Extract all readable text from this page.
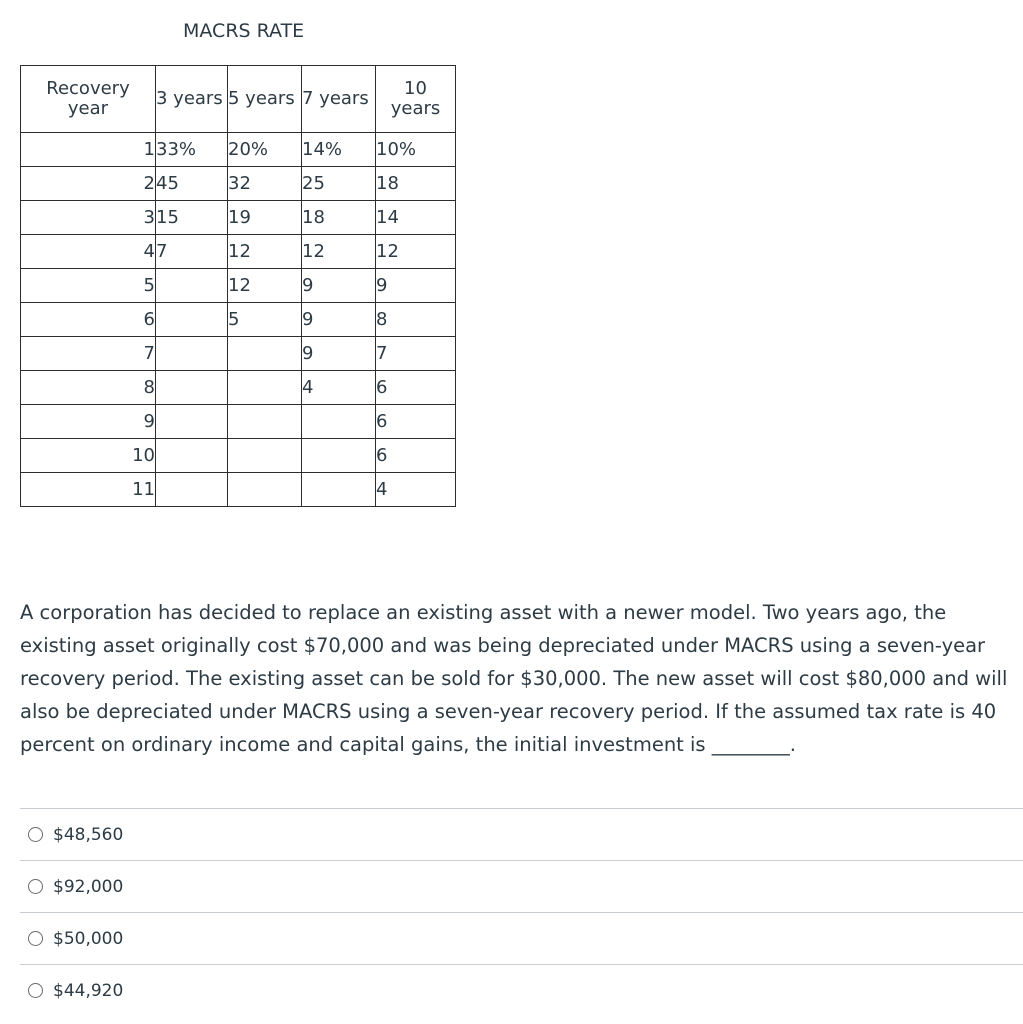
MACRS RATE
Recovery
year	3 years	5 years	7 years	10
years
1	33%	20%	14%	10%
2	45	32	25	18
3	15	19	18	14
4	7	12	12	12
5		12	9	9
6		5	9	8
7			9	7
8			4	6
9				6
10				6
11				4
A corporation has decided to replace an existing asset with a newer model. Two years ago, the existing asset originally cost $70,000 and was being depreciated under MACRS using a seven-year recovery period. The existing asset can be sold for $30,000. The new asset will cost $80,000 and will also be depreciated under MACRS using a seven-year recovery period. If the assumed tax rate is 40 percent on ordinary income and capital gains, the initial investment is ________.
$48,560
$92,000
$50,000
$44,920
